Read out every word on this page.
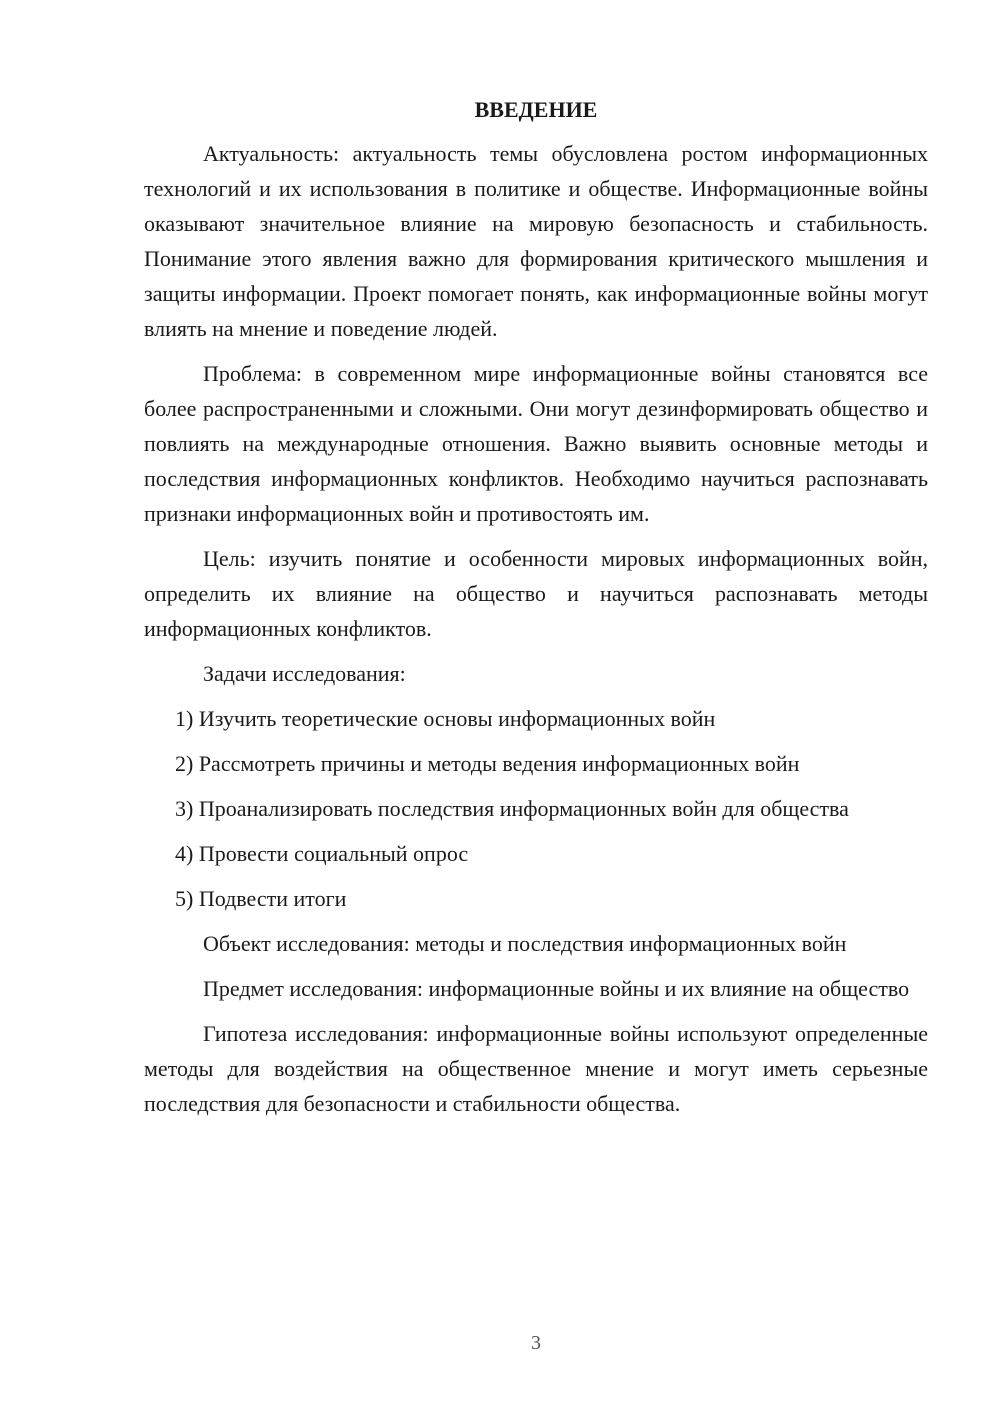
ВВЕДЕНИЕ

Актуальность: актуальность темы обусловлена ростом информационных технологий и их использования в политике и обществе. Информационные войны оказывают значительное влияние на мировую безопасность и стабильность. Понимание этого явления важно для формирования критического мышления и защиты информации. Проект помогает понять, как информационные войны могут влиять на мнение и поведение людей.

Проблема: в современном мире информационные войны становятся все более распространенными и сложными. Они могут дезинформировать общество и повлиять на международные отношения. Важно выявить основные методы и последствия информационных конфликтов. Необходимо научиться распознавать признаки информационных войн и противостоять им.

Цель: изучить понятие и особенности мировых информационных войн, определить их влияние на общество и научиться распознавать методы информационных конфликтов.

Задачи исследования:

1) Изучить теоретические основы информационных войн

2) Рассмотреть причины и методы ведения информационных войн

3) Проанализировать последствия информационных войн для общества

4) Провести социальный опрос

5) Подвести итоги

Объект исследования: методы и последствия информационных войн

Предмет исследования: информационные войны и их влияние на общество

Гипотеза исследования: информационные войны используют определенные методы для воздействия на общественное мнение и могут иметь серьезные последствия для безопасности и стабильности общества.

3
